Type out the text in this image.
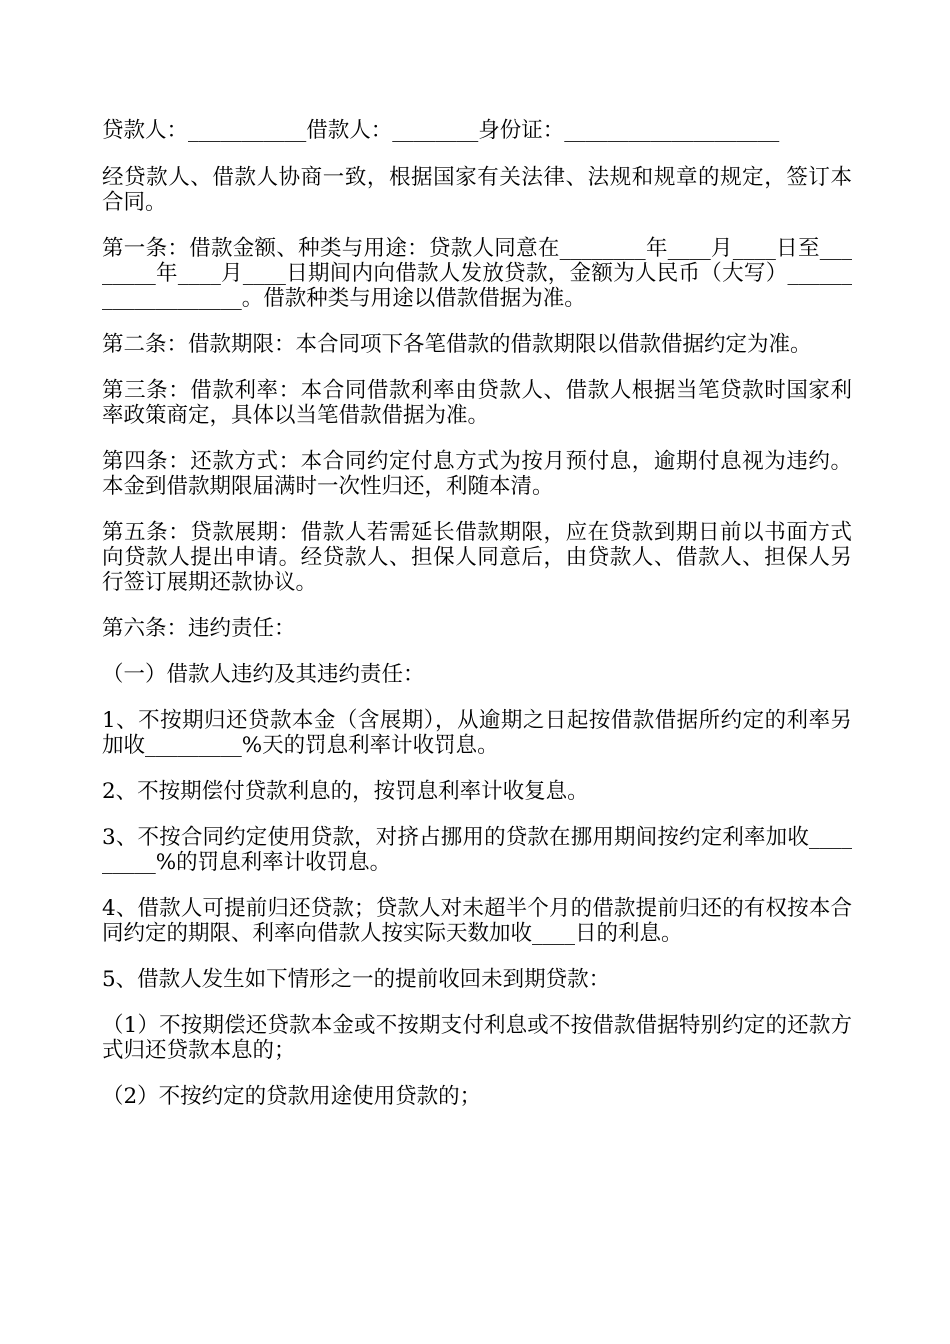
贷款人：___________借款人：________身份证：____________________

经贷款人、借款人协商一致，根据国家有关法律、法规和规章的规定，签订本合同。

第一条：借款金额、种类与用途：贷款人同意在________年____月____日至________年____月____日期间内向借款人发放贷款，金额为人民币（大写）___________________。借款种类与用途以借款借据为准。

第二条：借款期限：本合同项下各笔借款的借款期限以借款借据约定为准。

第三条：借款利率：本合同借款利率由贷款人、借款人根据当笔贷款时国家利率政策商定，具体以当笔借款借据为准。

第四条：还款方式：本合同约定付息方式为按月预付息，逾期付息视为违约。本金到借款期限届满时一次性归还，利随本清。

第五条：贷款展期：借款人若需延长借款期限，应在贷款到期日前以书面方式向贷款人提出申请。经贷款人、担保人同意后，由贷款人、借款人、担保人另行签订展期还款协议。

第六条：违约责任：

（一）借款人违约及其违约责任：

1、不按期归还贷款本金（含展期），从逾期之日起按借款借据所约定的利率另加收_________%天的罚息利率计收罚息。

2、不按期偿付贷款利息的，按罚息利率计收复息。

3、不按合同约定使用贷款，对挤占挪用的贷款在挪用期间按约定利率加收_________%的罚息利率计收罚息。

4、借款人可提前归还贷款；贷款人对未超半个月的借款提前归还的有权按本合同约定的期限、利率向借款人按实际天数加收____日的利息。

5、借款人发生如下情形之一的提前收回未到期贷款：

（1）不按期偿还贷款本金或不按期支付利息或不按借款借据特别约定的还款方式归还贷款本息的；

（2）不按约定的贷款用途使用贷款的；
